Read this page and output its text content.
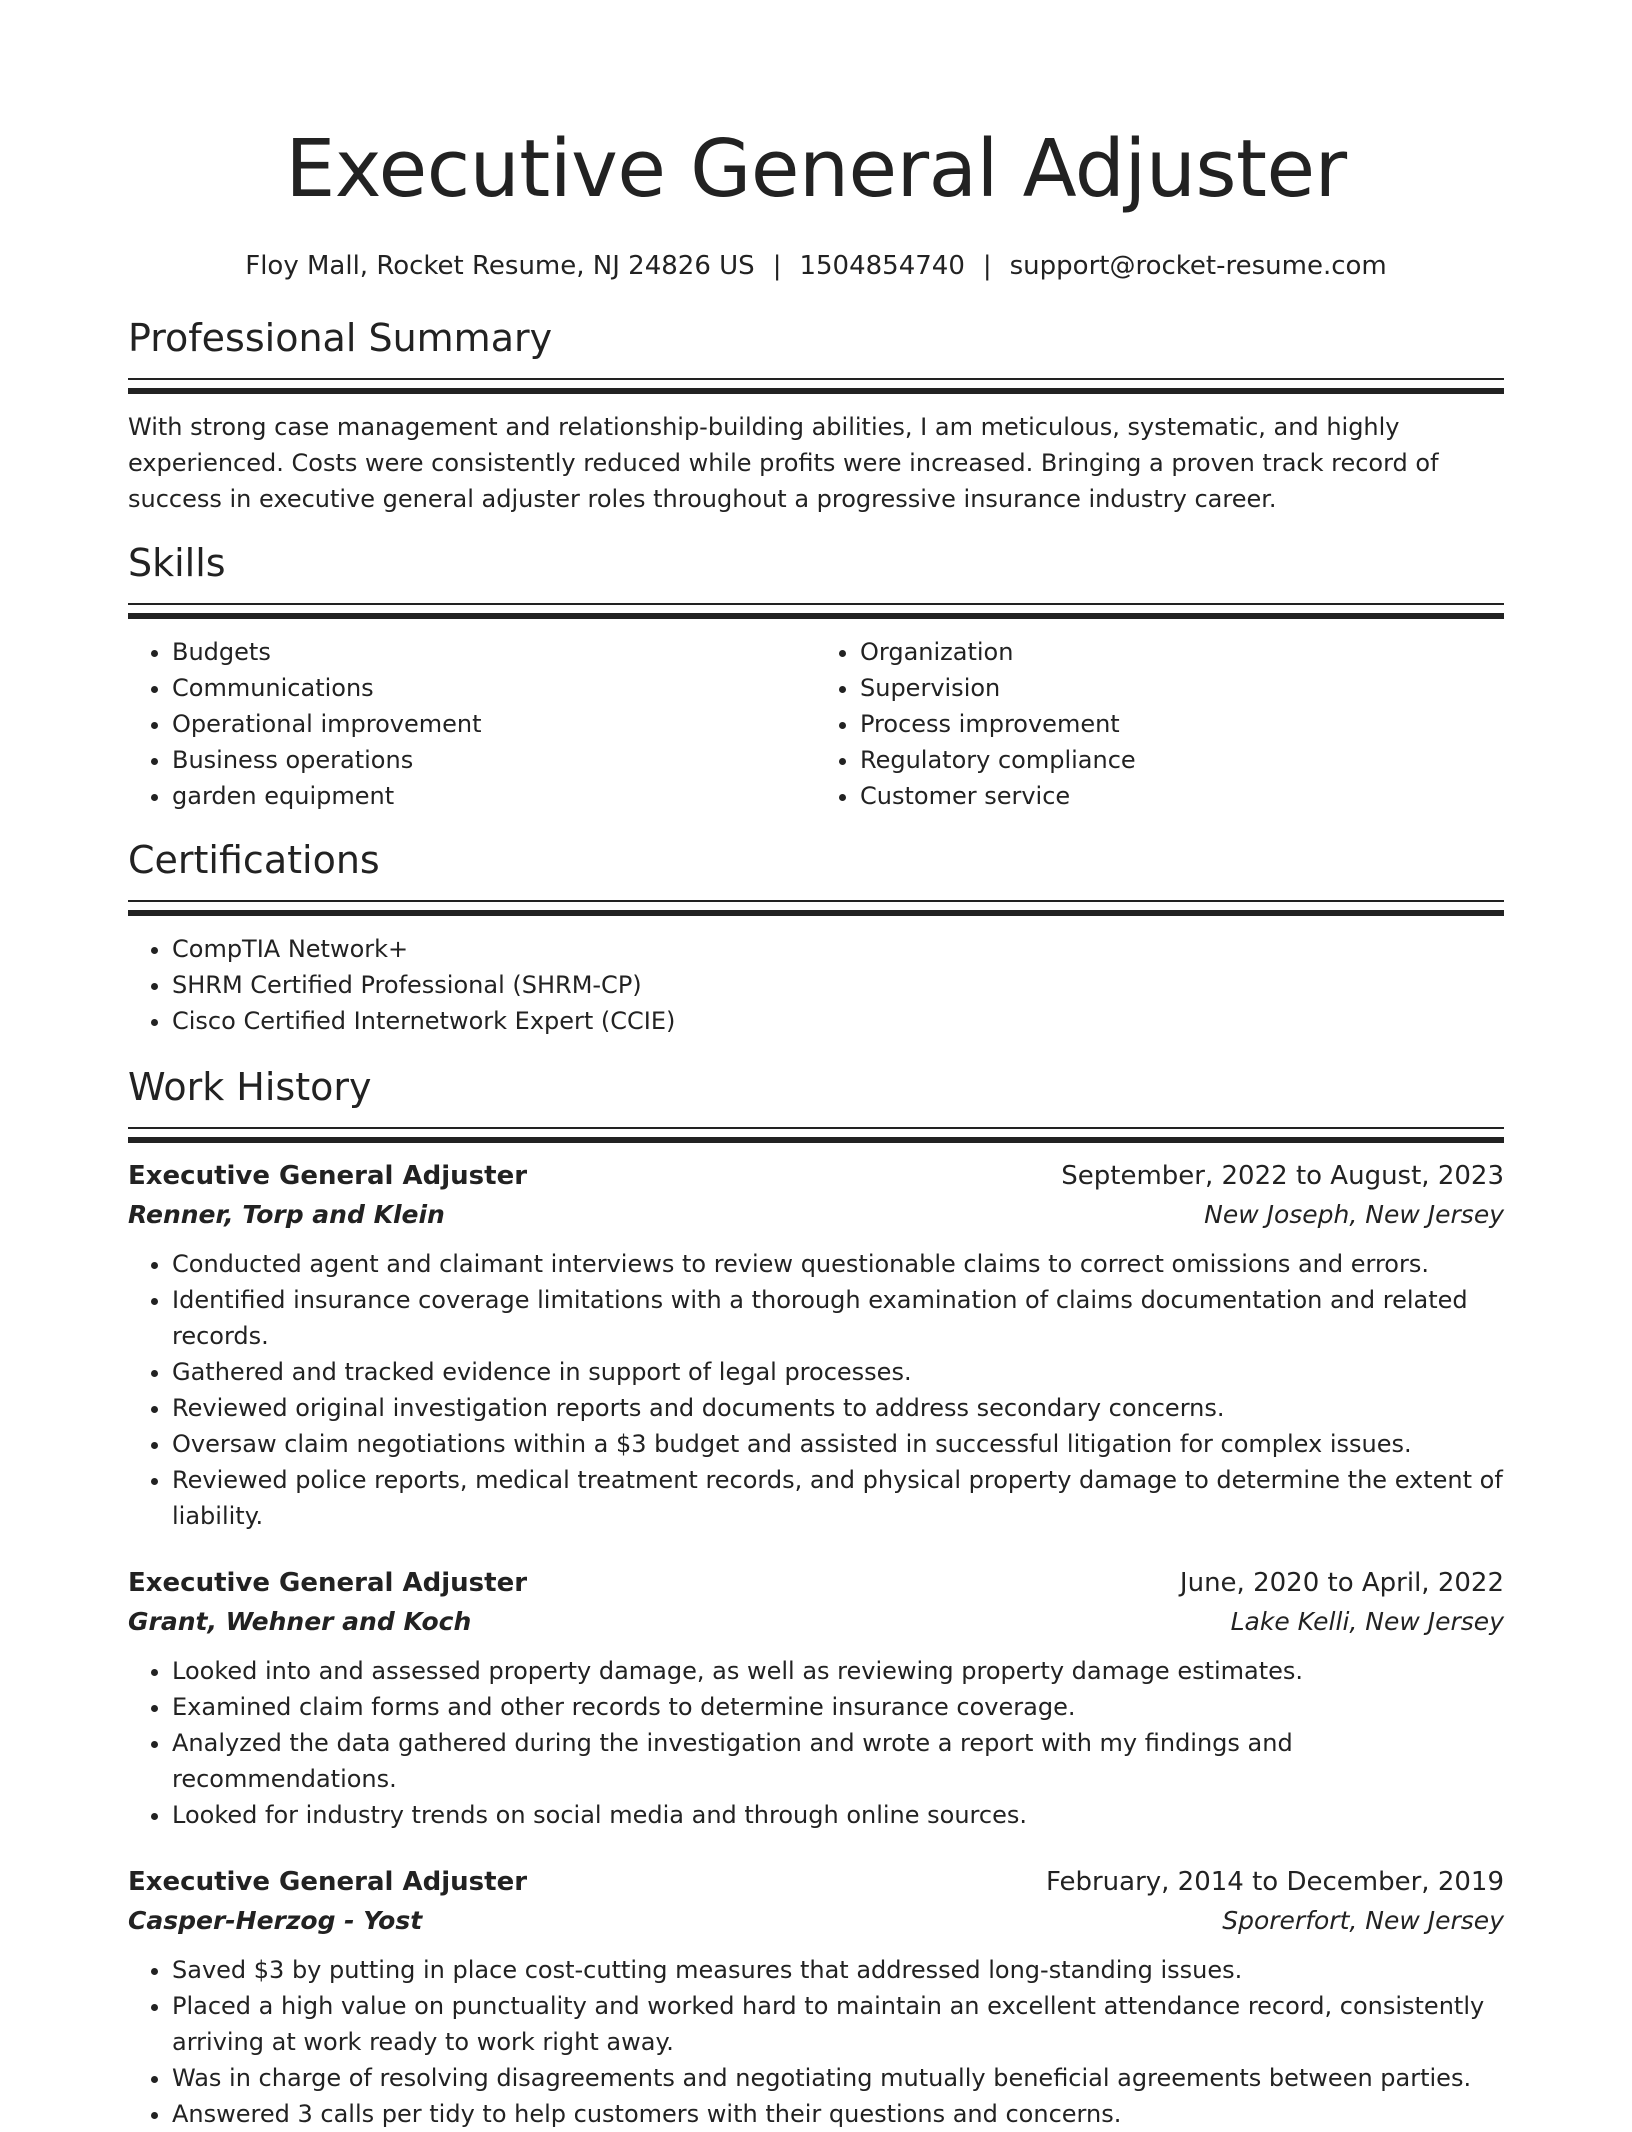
Executive General Adjuster
Floy Mall, Rocket Resume, NJ 24826 US | 1504854740 | support@rocket-resume.com
Professional Summary
With strong case management and relationship-building abilities, I am meticulous, systematic, and highly experienced. Costs were consistently reduced while profits were increased. Bringing a proven track record of success in executive general adjuster roles throughout a progressive insurance industry career.
Skills
• Budgets
• Communications
• Operational improvement
• Business operations
• garden equipment
• Organization
• Supervision
• Process improvement
• Regulatory compliance
• Customer service
Certifications
• CompTIA Network+
• SHRM Certified Professional (SHRM-CP)
• Cisco Certified Internetwork Expert (CCIE)
Work History
Executive General Adjuster	September, 2022 to August, 2023
Renner, Torp and Klein	New Joseph, New Jersey
• Conducted agent and claimant interviews to review questionable claims to correct omissions and errors.
• Identified insurance coverage limitations with a thorough examination of claims documentation and related records.
• Gathered and tracked evidence in support of legal processes.
• Reviewed original investigation reports and documents to address secondary concerns.
• Oversaw claim negotiations within a $3 budget and assisted in successful litigation for complex issues.
• Reviewed police reports, medical treatment records, and physical property damage to determine the extent of liability.
Executive General Adjuster	June, 2020 to April, 2022
Grant, Wehner and Koch	Lake Kelli, New Jersey
• Looked into and assessed property damage, as well as reviewing property damage estimates.
• Examined claim forms and other records to determine insurance coverage.
• Analyzed the data gathered during the investigation and wrote a report with my findings and recommendations.
• Looked for industry trends on social media and through online sources.
Executive General Adjuster	February, 2014 to December, 2019
Casper-Herzog - Yost	Sporerfort, New Jersey
• Saved $3 by putting in place cost-cutting measures that addressed long-standing issues.
• Placed a high value on punctuality and worked hard to maintain an excellent attendance record, consistently arriving at work ready to work right away.
• Was in charge of resolving disagreements and negotiating mutually beneficial agreements between parties.
• Answered 3 calls per tidy to help customers with their questions and concerns.
